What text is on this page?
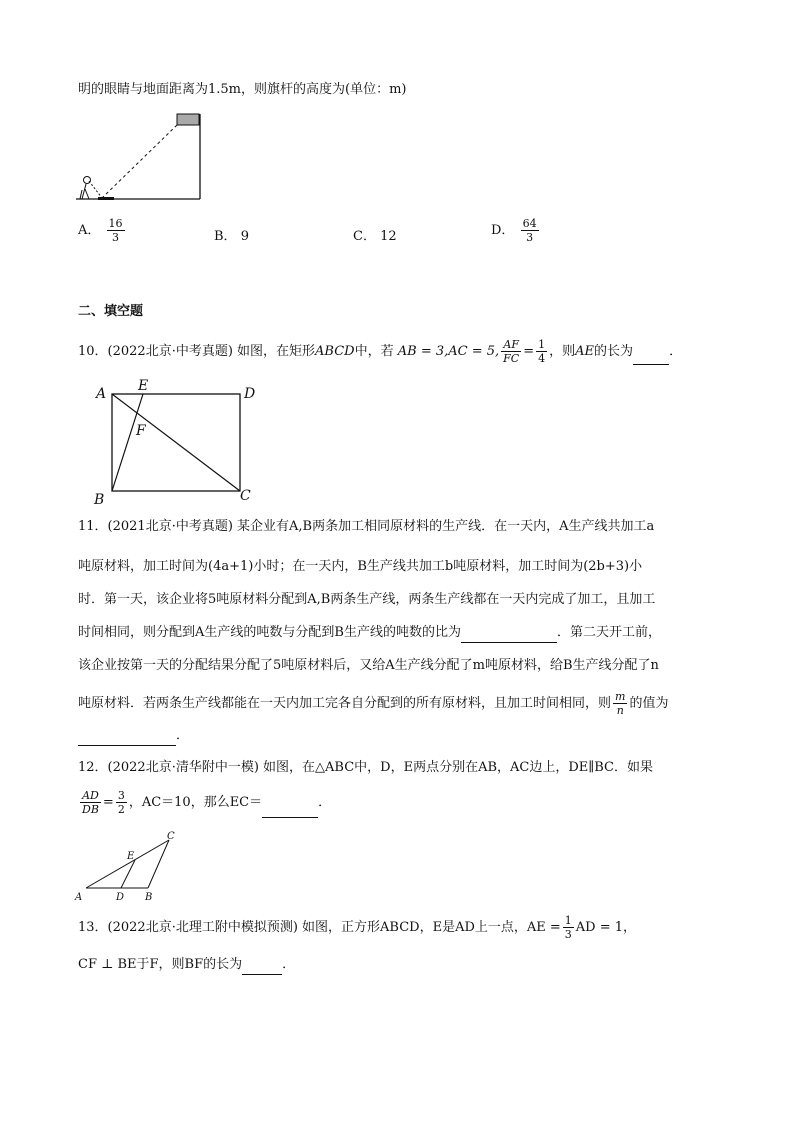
明的眼睛与地面距离为1.5m，则旗杆的高度为(单位：m)
A． $\frac{16}{3}$	B． 9	C． 12	D． $\frac{64}{3}$
二、填空题
10．(2022北京·中考真题) 如图，在矩形ABCD中，若 AB = 3,AC = 5, $\frac{AF}{FC} = \frac{1}{4}$ ，则AE的长为	．
A E	D
F
B	C
11．(2021北京·中考真题) 某企业有A,B两条加工相同原材料的生产线．在一天内，A生产线共加工a
吨原材料，加工时间为(4a+1)小时；在一天内，B生产线共加工b吨原材料，加工时间为(2b+3)小
时．第一天，该企业将5吨原材料分配到A,B两条生产线，两条生产线都在一天内完成了加工，且加工
时间相同，则分配到A生产线的吨数与分配到B生产线的吨数的比为	．第二天开工前，
该企业按第一天的分配结果分配了5吨原材料后，又给A生产线分配了m吨原材料，给B生产线分配了n
吨原材料．若两条生产线都能在一天内加工完各自分配到的所有原材料，且加工时间相同，则 $\frac{m}{n}$ 的值为
．
12．(2022北京·清华附中一模) 如图，在△ABC中，D，E两点分别在AB，AC边上，DE∥BC．如果
$\frac{AD}{DB} = \frac{3}{2}$ ，AC＝10，那么EC＝	．
A	D B
E
C
13．(2022北京·北理工附中模拟预测) 如图，正方形ABCD，E是AD上一点，AE = $\frac{1}{3}$ AD = 1，
CF ⊥ BE于F，则BF的长为	．
